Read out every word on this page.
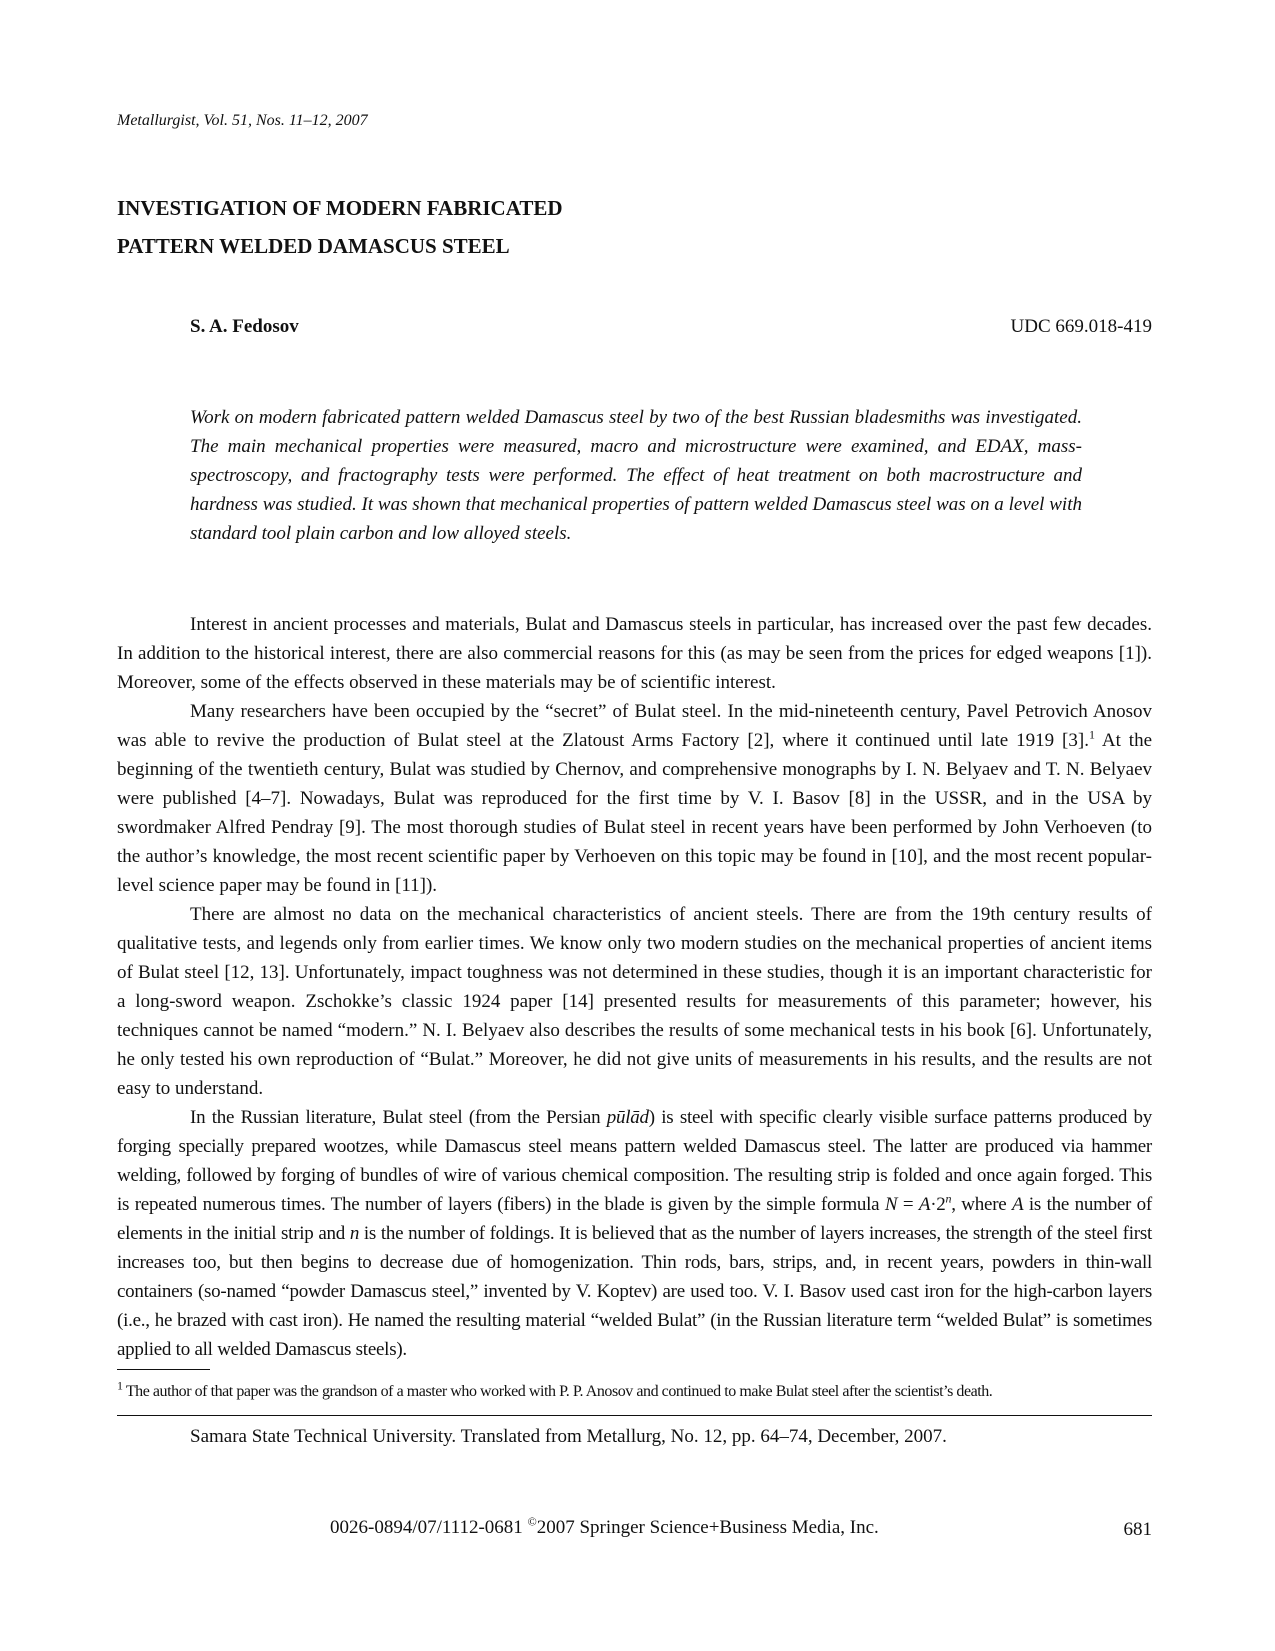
Metallurgist, Vol. 51, Nos. 11–12, 2007
INVESTIGATION OF MODERN FABRICATED
PATTERN WELDED DAMASCUS STEEL
S. A. Fedosov	UDC 669.018-419
Work on modern fabricated pattern welded Damascus steel by two of the best Russian bladesmiths was investigated. The main mechanical properties were measured, macro and microstructure were examined, and EDAX, mass-spectroscopy, and fractography tests were performed. The effect of heat treatment on both macrostructure and hardness was studied. It was shown that mechanical properties of pattern welded Damascus steel was on a level with standard tool plain carbon and low alloyed steels.

Interest in ancient processes and materials, Bulat and Damascus steels in particular, has increased over the past few decades. In addition to the historical interest, there are also commercial reasons for this (as may be seen from the prices for edged weapons [1]). Moreover, some of the effects observed in these materials may be of scientific interest.

Many researchers have been occupied by the “secret” of Bulat steel. In the mid-nineteenth century, Pavel Petrovich Anosov was able to revive the production of Bulat steel at the Zlatoust Arms Factory [2], where it continued until late 1919 [3].$^1$ At the beginning of the twentieth century, Bulat was studied by Chernov, and comprehensive monographs by I. N. Belyaev and T. N. Belyaev were published [4–7]. Nowadays, Bulat was reproduced for the first time by V. I. Basov [8] in the USSR, and in the USA by swordmaker Alfred Pendray [9]. The most thorough studies of Bulat steel in recent years have been performed by John Verhoeven (to the author’s knowledge, the most recent scientific paper by Verhoeven on this topic may be found in [10], and the most recent popular-level science paper may be found in [11]).

There are almost no data on the mechanical characteristics of ancient steels. There are from the 19th century results of qualitative tests, and legends only from earlier times. We know only two modern studies on the mechanical properties of ancient items of Bulat steel [12, 13]. Unfortunately, impact toughness was not determined in these studies, though it is an important characteristic for a long-sword weapon. Zschokke’s classic 1924 paper [14] presented results for measurements of this parameter; however, his techniques cannot be named “modern.” N. I. Belyaev also describes the results of some mechanical tests in his book [6]. Unfortunately, he only tested his own reproduction of “Bulat.” Moreover, he did not give units of measurements in his results, and the results are not easy to understand.

In the Russian literature, Bulat steel (from the Persian pūlād) is steel with specific clearly visible surface patterns produced by forging specially prepared wootzes, while Damascus steel means pattern welded Damascus steel. The latter are produced via hammer welding, followed by forging of bundles of wire of various chemical composition. The resulting strip is folded and once again forged. This is repeated numerous times. The number of layers (fibers) in the blade is given by the simple formula $N = A\cdot 2^n$, where A is the number of elements in the initial strip and n is the number of foldings. It is believed that as the number of layers increases, the strength of the steel first increases too, but then begins to decrease due of homogenization. Thin rods, bars, strips, and, in recent years, powders in thin-wall containers (so-named “powder Damascus steel,” invented by V. Koptev) are used too. V. I. Basov used cast iron for the high-carbon layers (i.e., he brazed with cast iron). He named the resulting material “welded Bulat” (in the Russian literature term “welded Bulat” is sometimes applied to all welded Damascus steels).

$^1$ The author of that paper was the grandson of a master who worked with P. P. Anosov and continued to make Bulat steel after the scientist’s death.
Samara State Technical University. Translated from Metallurg, No. 12, pp. 64–74, December, 2007.
0026-0894/07/1112-0681 ©2007 Springer Science+Business Media, Inc.	681
